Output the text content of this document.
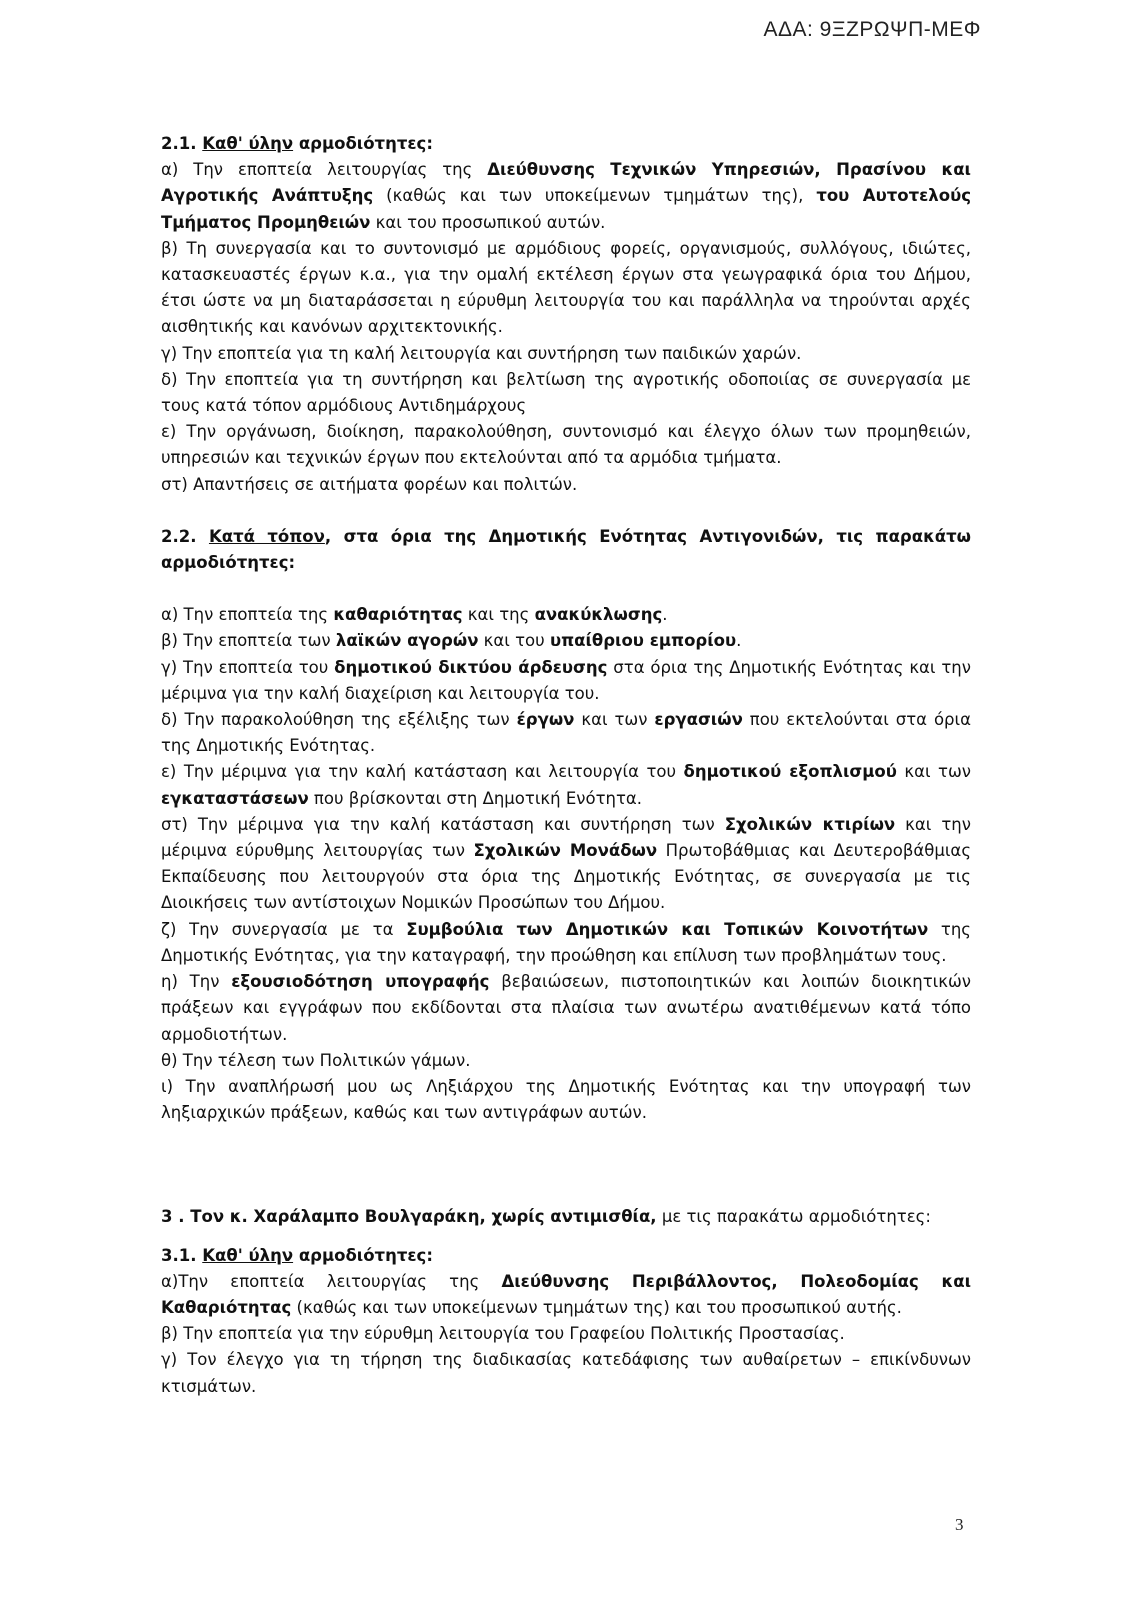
ΑΔΑ: 9ΞΖΡΩΨΠ-ΜΕΦ

2.1. Καθ' ύλην αρμοδιότητες:

α) Την εποπτεία λειτουργίας της Διεύθυνσης Τεχνικών Υπηρεσιών, Πρασίνου και Αγροτικής Ανάπτυξης (καθώς και των υποκείμενων τμημάτων της), του Αυτοτελούς Τμήματος Προμηθειών και του προσωπικού αυτών.

β) Τη συνεργασία και το συντονισμό με αρμόδιους φορείς, οργανισμούς, συλλόγους, ιδιώτες, κατασκευαστές έργων κ.α., για την ομαλή εκτέλεση έργων στα γεωγραφικά όρια του Δήμου, έτσι ώστε να μη διαταράσσεται η εύρυθμη λειτουργία του και παράλληλα να τηρούνται αρχές αισθητικής και κανόνων αρχιτεκτονικής.

γ) Την εποπτεία για τη καλή λειτουργία και συντήρηση των παιδικών χαρών.

δ) Την εποπτεία για τη συντήρηση και βελτίωση της αγροτικής οδοποιίας σε συνεργασία με τους κατά τόπον αρμόδιους Αντιδημάρχους

ε) Την οργάνωση, διοίκηση, παρακολούθηση, συντονισμό και έλεγχο όλων των προμηθειών, υπηρεσιών και τεχνικών έργων που εκτελούνται από τα αρμόδια τμήματα.

στ) Απαντήσεις σε αιτήματα φορέων και πολιτών.

2.2. Κατά τόπον, στα όρια της Δημοτικής Ενότητας Αντιγονιδών, τις παρακάτω αρμοδιότητες:

α) Την εποπτεία της καθαριότητας και της ανακύκλωσης.

β) Την εποπτεία των λαϊκών αγορών και του υπαίθριου εμπορίου.

γ) Την εποπτεία του δημοτικού δικτύου άρδευσης στα όρια της Δημοτικής Ενότητας και την μέριμνα για την καλή διαχείριση και λειτουργία του.

δ) Την παρακολούθηση της εξέλιξης των έργων και των εργασιών που εκτελούνται στα όρια της Δημοτικής Ενότητας.

ε) Την μέριμνα για την καλή κατάσταση και λειτουργία του δημοτικού εξοπλισμού και των εγκαταστάσεων που βρίσκονται στη Δημοτική Ενότητα.

στ) Την μέριμνα για την καλή κατάσταση και συντήρηση των Σχολικών κτιρίων και την μέριμνα εύρυθμης λειτουργίας των Σχολικών Μονάδων Πρωτοβάθμιας και Δευτεροβάθμιας Εκπαίδευσης που λειτουργούν στα όρια της Δημοτικής Ενότητας, σε συνεργασία με τις Διοικήσεις των αντίστοιχων Νομικών Προσώπων του Δήμου.

ζ) Την συνεργασία με τα Συμβούλια των Δημοτικών και Τοπικών Κοινοτήτων της Δημοτικής Ενότητας, για την καταγραφή, την προώθηση και επίλυση των προβλημάτων τους.

η) Την εξουσιοδότηση υπογραφής βεβαιώσεων, πιστοποιητικών και λοιπών διοικητικών πράξεων και εγγράφων που εκδίδονται στα πλαίσια των ανωτέρω ανατιθέμενων κατά τόπο αρμοδιοτήτων.

θ) Την τέλεση των Πολιτικών γάμων.

ι) Την αναπλήρωσή μου ως Ληξιάρχου της Δημοτικής Ενότητας και την υπογραφή των ληξιαρχικών πράξεων, καθώς και των αντιγράφων αυτών.

3 . Τον κ. Χαράλαμπο Βουλγαράκη, χωρίς αντιμισθία, με τις παρακάτω αρμοδιότητες:

3.1. Καθ' ύλην αρμοδιότητες:

α)Την εποπτεία λειτουργίας της Διεύθυνσης Περιβάλλοντος, Πολεοδομίας και Καθαριότητας (καθώς και των υποκείμενων τμημάτων της) και του προσωπικού αυτής.

β) Την εποπτεία για την εύρυθμη λειτουργία του Γραφείου Πολιτικής Προστασίας.

γ) Τον έλεγχο για τη τήρηση της διαδικασίας κατεδάφισης των αυθαίρετων – επικίνδυνων κτισμάτων.

3
